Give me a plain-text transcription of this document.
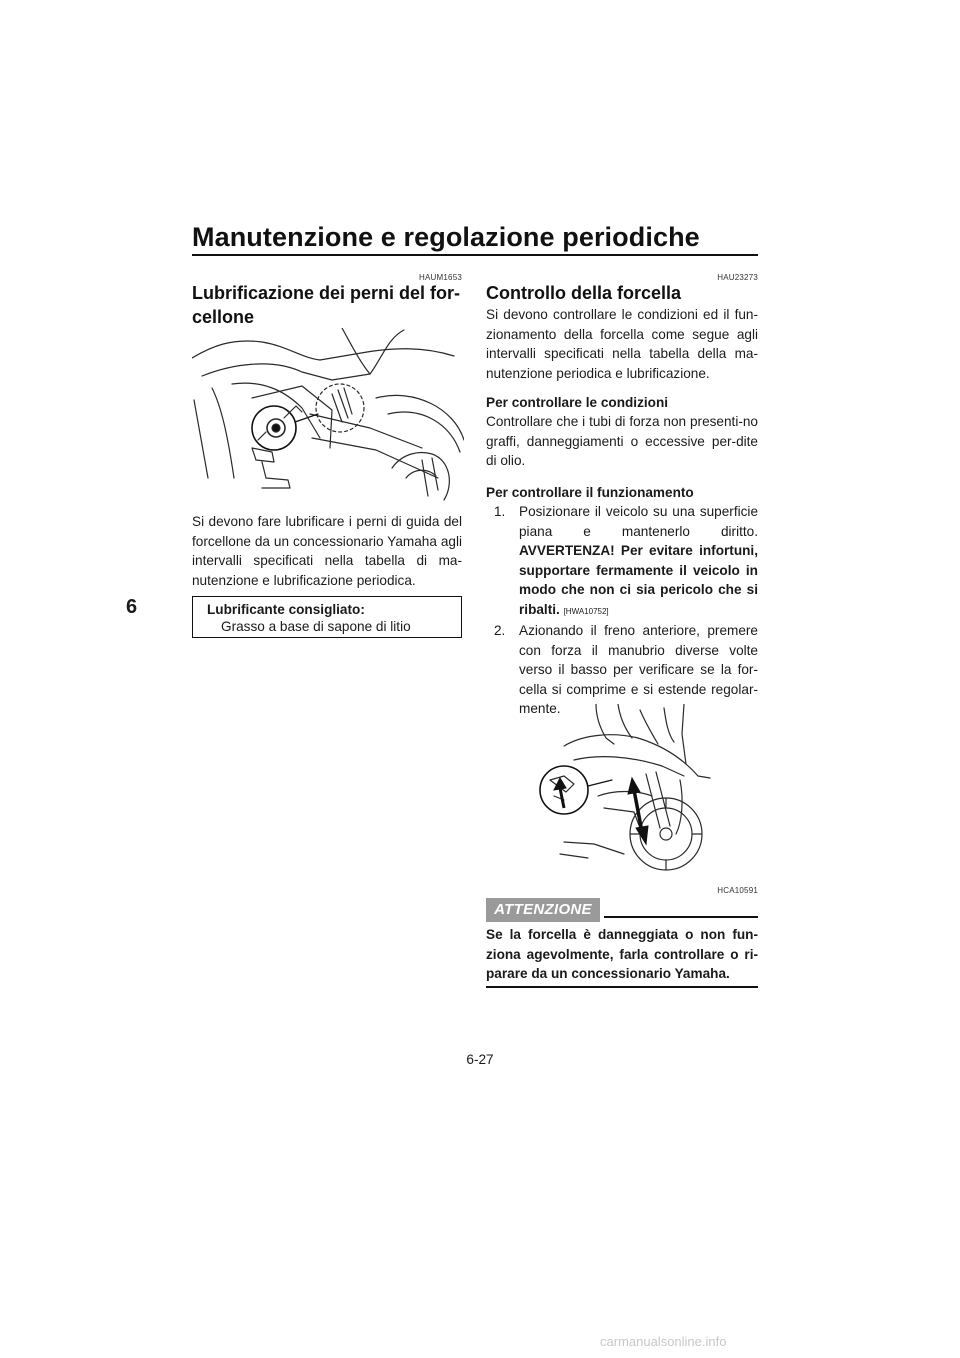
Manutenzione e regolazione periodiche
6
HAUM1653
Lubrificazione dei perni del for-
cellone
Si devono fare lubrificare i perni di guida del forcellone da un concessionario Yamaha agli intervalli specificati nella tabella di ma-nutenzione e lubrificazione periodica.
Lubrificante consigliato:
Grasso a base di sapone di litio
HAU23273
Controllo della forcella
Si devono controllare le condizioni ed il fun-zionamento della forcella come segue agli intervalli specificati nella tabella della ma-nutenzione periodica e lubrificazione.
Per controllare le condizioni
Controllare che i tubi di forza non presenti-no graffi, danneggiamenti o eccessive per-dite di olio.
Per controllare il funzionamento
1. Posizionare il veicolo su una superficie piana e mantenerlo diritto. AVVERTENZA! Per evitare infortuni, supportare fermamente il veicolo in modo che non ci sia pericolo che si ribalti. [HWA10752]
2. Azionando il freno anteriore, premere con forza il manubrio diverse volte verso il basso per verificare se la for-cella si comprime e si estende regolar-mente.
HCA10591
ATTENZIONE
Se la forcella è danneggiata o non fun-ziona agevolmente, farla controllare o ri-parare da un concessionario Yamaha.
6-27
carmanualsonline.info
